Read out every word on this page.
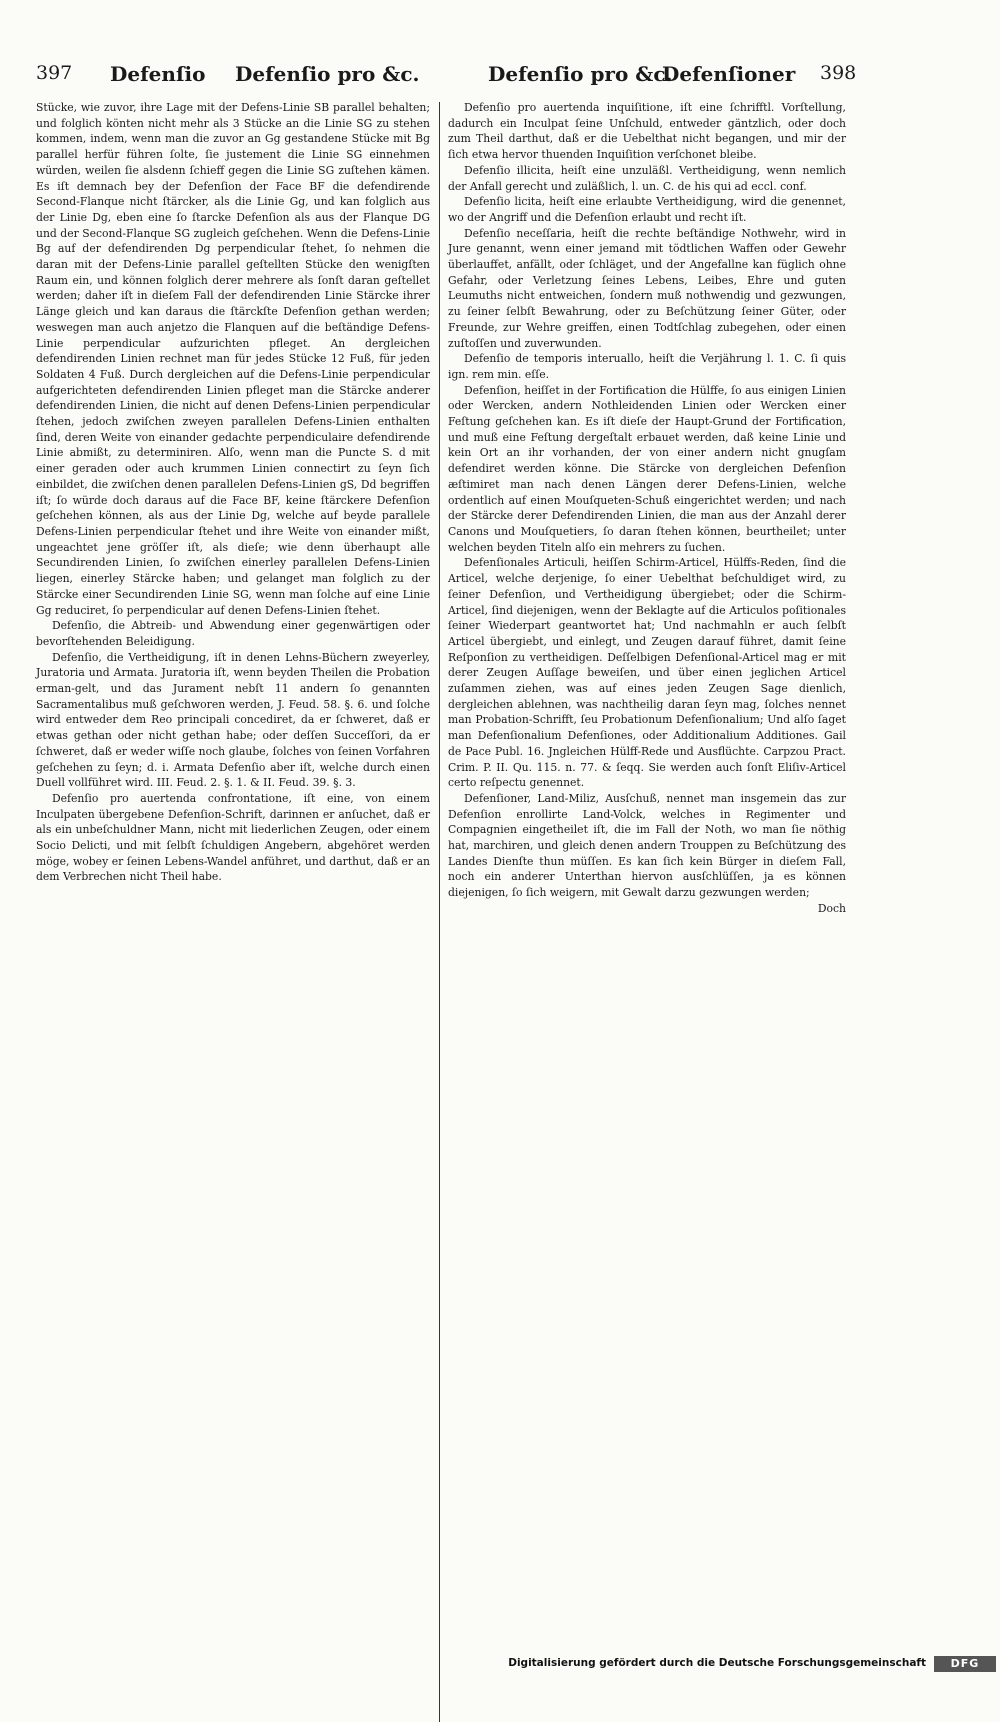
397 Defenſio Defenſio pro &c.	Defenſio pro &c.
Defenſioner 398

Stücke, wie zuvor, ihre Lage mit der Defens-Linie SB parallel behalten; und folglich könten nicht mehr als 3 Stücke an die Linie SG zu stehen kommen, indem, wenn man die zuvor an Gg gestandene Stücke mit Bg parallel herfür führen ſolte, ſie justement die Linie SG einnehmen würden, weilen ſie alsdenn ſchieff gegen die Linie SG zuſtehen kämen. Es iſt demnach bey der Defenſion der Face BF die defendirende Second-Flanque nicht ſtärcker, als die Linie Gg, und kan folglich aus der Linie Dg, eben eine ſo ſtarcke Defenſion als aus der Flanque DG und der Second-Flanque SG zugleich geſchehen. Wenn die Defens-Linie Bg auf der defendirenden Dg perpendicular ſtehet, ſo nehmen die daran mit der Defens-Linie parallel geſtellten Stücke den wenigſten Raum ein, und können folglich derer mehrere als ſonſt daran geſtellet werden; daher iſt in dieſem Fall der defendirenden Linie Stärcke ihrer Länge gleich und kan daraus die ſtärckſte Defenſion gethan werden; weswegen man auch anjetzo die Flanquen auf die beſtändige Defens-Linie perpendicular aufzurichten pfleget. An dergleichen defendirenden Linien rechnet man für jedes Stücke 12 Fuß, für jeden Soldaten 4 Fuß. Durch dergleichen auf die Defens-Linie perpendicular aufgerichteten defendirenden Linien pfleget man die Stärcke anderer defendirenden Linien, die nicht auf denen Defens-Linien perpendicular ſtehen, jedoch zwiſchen zweyen parallelen Defens-Linien enthalten ſind, deren Weite von einander gedachte perpendiculaire defendirende Linie abmißt, zu determiniren. Alſo, wenn man die Puncte S. d mit einer geraden oder auch krummen Linien connectirt zu ſeyn ſich einbildet, die zwiſchen denen parallelen Defens-Linien gS, Dd begriffen iſt; ſo würde doch daraus auf die Face BF, keine ſtärckere Defenſion geſchehen können, als aus der Linie Dg, welche auf beyde parallele Defens-Linien perpendicular ſtehet und ihre Weite von einander mißt, ungeachtet jene gröſſer iſt, als dieſe; wie denn überhaupt alle Secundirenden Linien, ſo zwiſchen einerley parallelen Defens-Linien liegen, einerley Stärcke haben; und gelanget man folglich zu der Stärcke einer Secundirenden Linie SG, wenn man ſolche auf eine Linie Gg reduciret, ſo perpendicular auf denen Defens-Linien ſtehet.

Defenſio, die Abtreib- und Abwendung einer gegenwärtigen oder bevorſtehenden Beleidigung.

Defenſio, die Vertheidigung, iſt in denen Lehns-Büchern zweyerley, Juratoria und Armata. Juratoria iſt, wenn beyden Theilen die Probation erman-gelt, und das Jurament nebſt 11 andern ſo genannten Sacramentalibus muß geſchworen werden, J. Feud. 58. §. 6. und ſolche wird entweder dem Reo principali concediret, da er ſchweret, daß er etwas gethan oder nicht gethan habe; oder deſſen Succeſſori, da er ſchweret, daß er weder wiſſe noch glaube, ſolches von ſeinen Vorfahren geſchehen zu ſeyn; d. i. Armata Defenſio aber iſt, welche durch einen Duell vollführet wird. III. Feud. 2. §. 1. & II. Feud. 39. §. 3.

Defenſio pro auertenda confrontatione, iſt eine, von einem Inculpaten übergebene Defenſion-Schrift, darinnen er anſuchet, daß er als ein unbeſchuldner Mann, nicht mit liederlichen Zeugen, oder einem Socio Delicti, und mit ſelbſt ſchuldigen Angebern, abgehöret werden möge, wobey er ſeinen Lebens-Wandel anführet, und darthut, daß er an dem Verbrechen nicht Theil habe.

Defenſio pro auertenda inquiſitione, iſt eine ſchrifftl. Vorſtellung, dadurch ein Inculpat ſeine Unſchuld, entweder gäntzlich, oder doch zum Theil darthut, daß er die Uebelthat nicht begangen, und mir der ſich etwa hervor thuenden Inquiſition verſchonet bleibe.

Defenſio illicita, heiſt eine unzuläßl. Vertheidigung, wenn nemlich der Anfall gerecht und zuläßlich, l. un. C. de his qui ad eccl. conf.

Defenſio licita, heiſt eine erlaubte Vertheidigung, wird die genennet, wo der Angriff und die Defenſion erlaubt und recht iſt.

Defenſio neceſſaria, heiſt die rechte beſtändige Nothwehr, wird in Jure genannt, wenn einer jemand mit tödtlichen Waffen oder Gewehr überlauffet, anfällt, oder ſchläget, und der Angefallne kan füglich ohne Gefahr, oder Verletzung ſeines Lebens, Leibes, Ehre und guten Leumuths nicht entweichen, ſondern muß nothwendig und gezwungen, zu ſeiner ſelbſt Bewahrung, oder zu Beſchützung ſeiner Güter, oder Freunde, zur Wehre greiffen, einen Todtſchlag zubegehen, oder einen zuſtoſſen und zuverwunden.

Defenſio de temporis interuallo, heiſt die Verjährung l. 1. C. ſi quis ign. rem min. eſſe.

Defenſion, heiſſet in der Fortification die Hülffe, ſo aus einigen Linien oder Wercken, andern Nothleidenden Linien oder Wercken einer Feſtung geſchehen kan. Es iſt dieſe der Haupt-Grund der Fortification, und muß eine Feſtung dergeſtalt erbauet werden, daß keine Linie und kein Ort an ihr vorhanden, der von einer andern nicht gnugſam defendiret werden könne. Die Stärcke von dergleichen Defenſion æſtimiret man nach denen Längen derer Defens-Linien, welche ordentlich auf einen Mouſqueten-Schuß eingerichtet werden; und nach der Stärcke derer Defendirenden Linien, die man aus der Anzahl derer Canons und Mouſquetiers, ſo daran ſtehen können, beurtheilet; unter welchen beyden Titeln alſo ein mehrers zu ſuchen.

Defenſionales Articuli, heiſſen Schirm-Articel, Hülffs-Reden, ſind die Articel, welche derjenige, ſo einer Uebelthat beſchuldiget wird, zu ſeiner Defenſion, und Vertheidigung übergiebet; oder die Schirm-Articel, ſind diejenigen, wenn der Beklagte auf die Articulos poſitionales ſeiner Wiederpart geantwortet hat; Und nachmahln er auch ſelbſt Articel übergiebt, und einlegt, und Zeugen darauf führet, damit ſeine Reſponſion zu vertheidigen. Deſſelbigen Defenſional-Articel mag er mit derer Zeugen Auſſage beweiſen, und über einen jeglichen Articel zuſammen ziehen, was auf eines jeden Zeugen Sage dienlich, dergleichen ablehnen, was nachtheilig daran ſeyn mag, ſolches nennet man Probation-Schrifft, ſeu Probationum Defenſionalium; Und alſo ſaget man Defenſionalium Defenſiones, oder Additionalium Additiones. Gail de Pace Publ. 16. Jngleichen Hülff-Rede und Ausflüchte. Carpzou Pract. Crim. P. II. Qu. 115. n. 77. & ſeqq. Sie werden auch ſonſt Eliſiv-Articel certo reſpectu genennet.

Defenſioner, Land-Miliz, Ausſchuß, nennet man insgemein das zur Defenſion enrollirte Land-Volck, welches in Regimenter und Compagnien eingetheilet iſt, die im Fall der Noth, wo man ſie nöthig hat, marchiren, und gleich denen andern Trouppen zu Beſchützung des Landes Dienſte thun müſſen. Es kan ſich kein Bürger in dieſem Fall, noch ein anderer Unterthan hiervon ausſchlüſſen, ja es können diejenigen, ſo ſich weigern, mit Gewalt darzu gezwungen werden;

Doch

Digitalisierung gefördert durch die Deutsche Forschungsgemeinschaft	DFG
